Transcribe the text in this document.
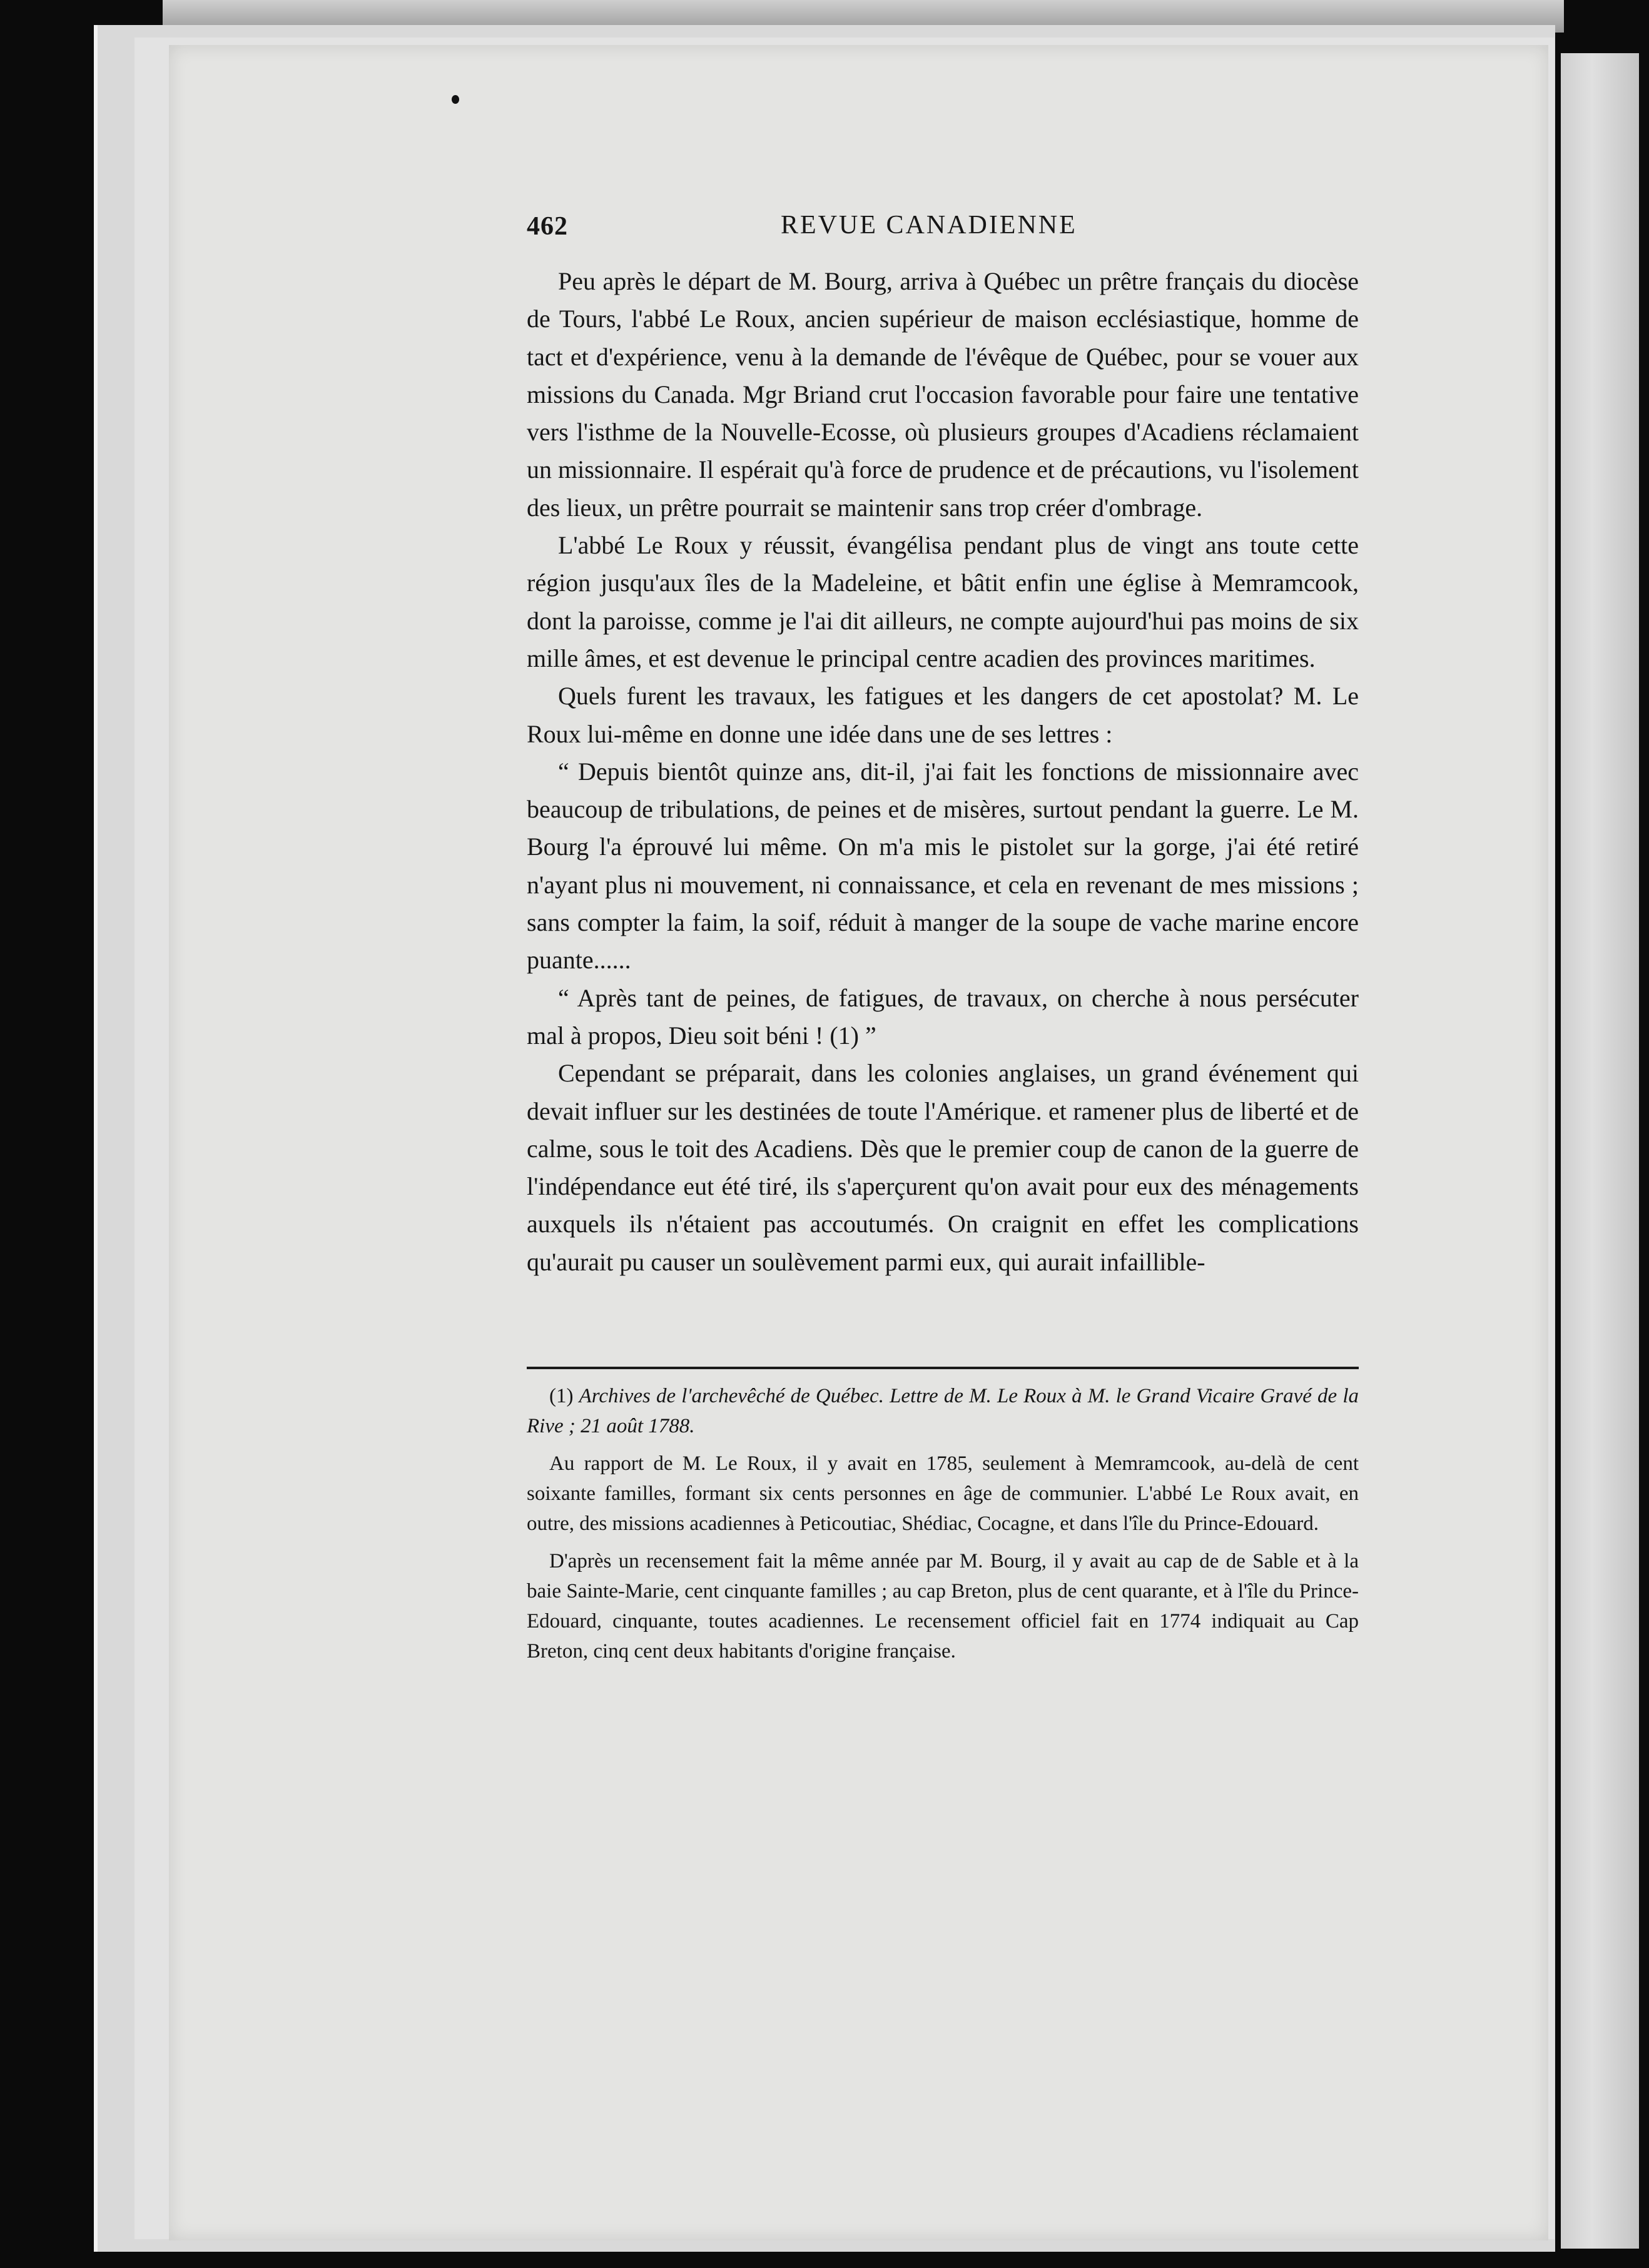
462	REVUE CANADIENNE

Peu après le départ de M. Bourg, arriva à Québec un prêtre français du diocèse de Tours, l'abbé Le Roux, ancien supérieur de maison ecclésiastique, homme de tact et d'expérience, venu à la demande de l'évêque de Québec, pour se vouer aux missions du Canada. Mgr Briand crut l'occasion favorable pour faire une tentative vers l'isthme de la Nouvelle-Ecosse, où plusieurs groupes d'Acadiens réclamaient un missionnaire. Il espérait qu'à force de prudence et de précautions, vu l'isolement des lieux, un prêtre pourrait se maintenir sans trop créer d'ombrage.

L'abbé Le Roux y réussit, évangélisa pendant plus de vingt ans toute cette région jusqu'aux îles de la Madeleine, et bâtit enfin une église à Memramcook, dont la paroisse, comme je l'ai dit ailleurs, ne compte aujourd'hui pas moins de six mille âmes, et est devenue le principal centre acadien des provinces maritimes.

Quels furent les travaux, les fatigues et les dangers de cet apostolat? M. Le Roux lui-même en donne une idée dans une de ses lettres :

“ Depuis bientôt quinze ans, dit-il, j'ai fait les fonctions de missionnaire avec beaucoup de tribulations, de peines et de misères, surtout pendant la guerre. Le M. Bourg l'a éprouvé lui même. On m'a mis le pistolet sur la gorge, j'ai été retiré n'ayant plus ni mouvement, ni connaissance, et cela en revenant de mes missions ; sans compter la faim, la soif, réduit à manger de la soupe de vache marine encore puante......

“ Après tant de peines, de fatigues, de travaux, on cherche à nous persécuter mal à propos, Dieu soit béni ! (1) ”

Cependant se préparait, dans les colonies anglaises, un grand événement qui devait influer sur les destinées de toute l'Amérique. et ramener plus de liberté et de calme, sous le toit des Acadiens. Dès que le premier coup de canon de la guerre de l'indépendance eut été tiré, ils s'aperçurent qu'on avait pour eux des ménagements auxquels ils n'étaient pas accoutumés. On craignit en effet les complications qu'aurait pu causer un soulèvement parmi eux, qui aurait infaillible-

(1) Archives de l'archevêché de Québec. Lettre de M. Le Roux à M. le Grand Vicaire Gravé de la Rive ; 21 août 1788.

Au rapport de M. Le Roux, il y avait en 1785, seulement à Memramcook, au-delà de cent soixante familles, formant six cents personnes en âge de communier. L'abbé Le Roux avait, en outre, des missions acadiennes à Peticoutiac, Shédiac, Cocagne, et dans l'île du Prince-Edouard.

D'après un recensement fait la même année par M. Bourg, il y avait au cap de de Sable et à la baie Sainte-Marie, cent cinquante familles ; au cap Breton, plus de cent quarante, et à l'île du Prince-Edouard, cinquante, toutes acadiennes. Le recensement officiel fait en 1774 indiquait au Cap Breton, cinq cent deux habitants d'origine française.
